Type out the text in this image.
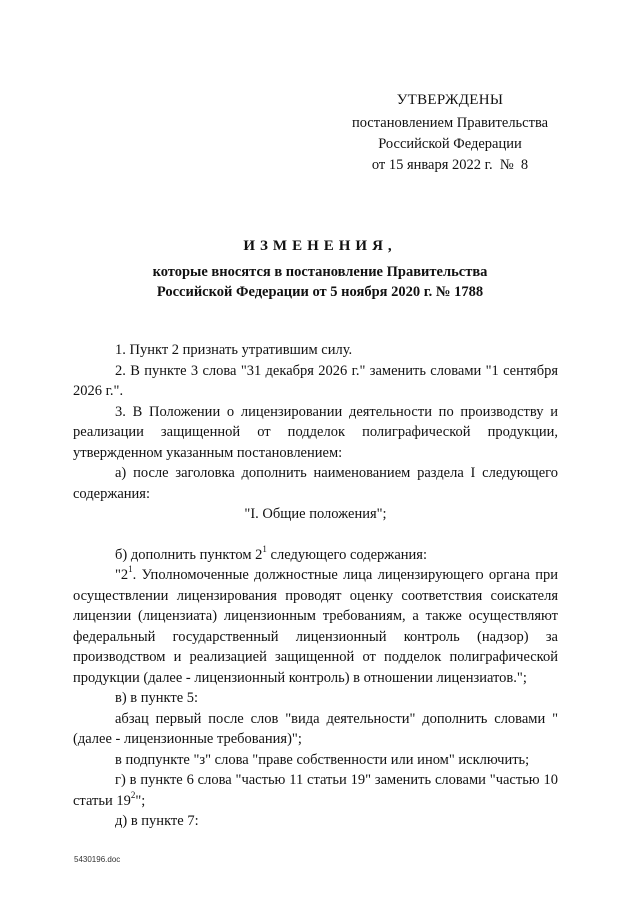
УТВЕРЖДЕНЫ
постановлением Правительства
Российской Федерации
от 15 января 2022 г.  №  8
ИЗМЕНЕНИЯ,
которые вносятся в постановление Правительства
Российской Федерации от 5 ноября 2020 г. № 1788

1. Пункт 2 признать утратившим силу.

2. В пункте 3 слова "31 декабря 2026 г." заменить словами "1 сентября 2026 г.".

3. В Положении о лицензировании деятельности по производству и реализации защищенной от подделок полиграфической продукции, утвержденном указанным постановлением:

а) после заголовка дополнить наименованием раздела I следующего содержания:

"I. Общие положения";

б) дополнить пунктом $2^1$ следующего содержания:

"$2^1$. Уполномоченные должностные лица лицензирующего органа при осуществлении лицензирования проводят оценку соответствия соискателя лицензии (лицензиата) лицензионным требованиям, а также осуществляют федеральный государственный лицензионный контроль (надзор) за производством и реализацией защищенной от подделок полиграфической продукции (далее - лицензионный контроль) в отношении лицензиатов.";

в) в пункте 5:

абзац первый после слов "вида деятельности" дополнить словами "(далее - лицензионные требования)";

в подпункте "з" слова "праве собственности или ином" исключить;

г) в пункте 6 слова "частью 11 статьи 19" заменить словами "частью 10 статьи $19^2$";

д) в пункте 7:

5430196.doc
